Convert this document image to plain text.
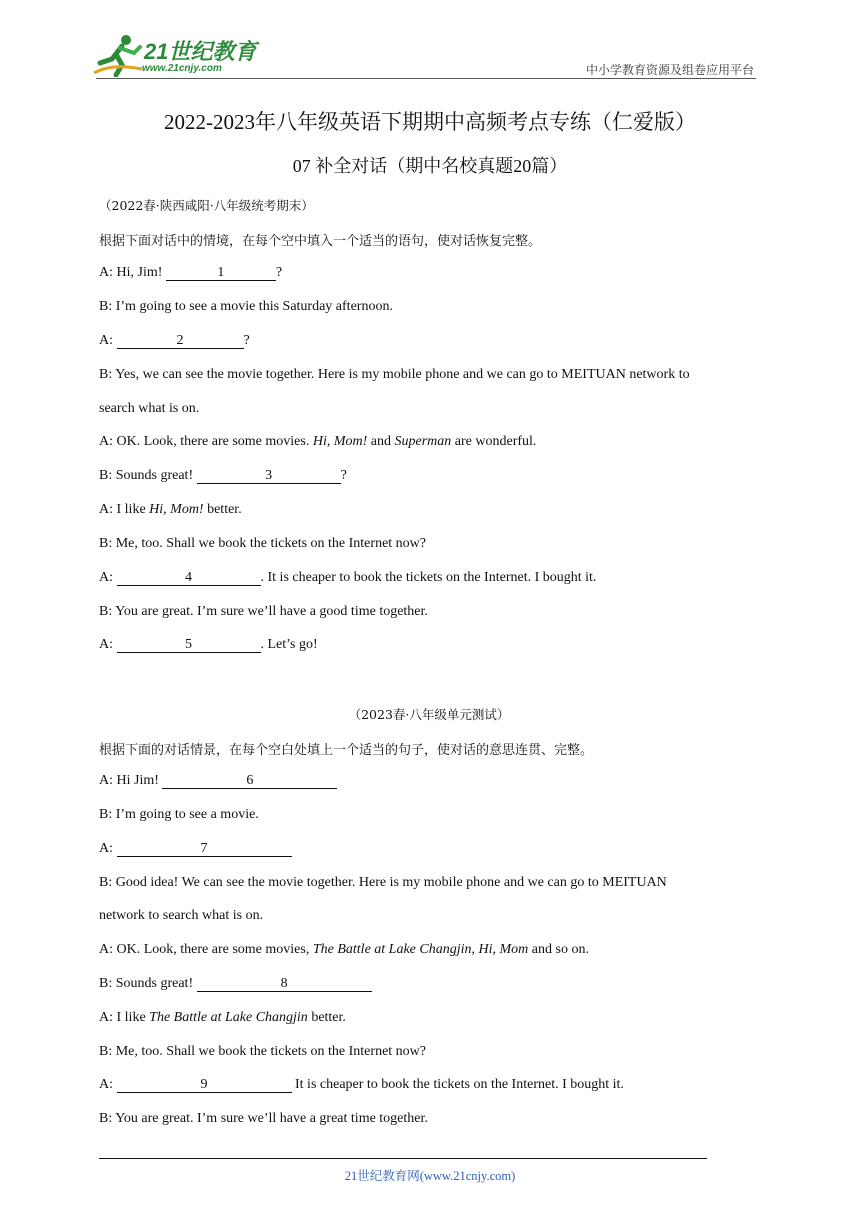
21世纪教育
www.21cnjy.com	中小学教育资源及组卷应用平台
2022-2023年八年级英语下期期中高频考点专练（仁爱版）
07 补全对话（期中名校真题20篇）
（2022春·陕西咸阳·八年级统考期末）
根据下面对话中的情境，在每个空中填入一个适当的语句，使对话恢复完整。
A: Hi, Jim!	1	?
B: I’m going to see a movie this Saturday afternoon.
A:	2	?
B: Yes, we can see the movie together. Here is my mobile phone and we can go to MEITUAN network to
search what is on.
A: OK. Look, there are some movies. Hi, Mom! and Superman are wonderful.
B: Sounds great!	3	?
A: I like Hi, Mom! better.
B: Me, too. Shall we book the tickets on the Internet now?
A:	4	. It is cheaper to book the tickets on the Internet. I bought it.
B: You are great. I’m sure we’ll have a good time together.
A:	5	. Let’s go!
（2023春·八年级单元测试）
根据下面的对话情景，在每个空白处填上一个适当的句子，使对话的意思连贯、完整。
A: Hi Jim!	6
B: I’m going to see a movie.
A:	7
B: Good idea! We can see the movie together. Here is my mobile phone and we can go to MEITUAN
network to search what is on.
A: OK. Look, there are some movies, The Battle at Lake Changjin, Hi, Mom and so on.
B: Sounds great!	8
A: I like The Battle at Lake Changjin better.
B: Me, too. Shall we book the tickets on the Internet now?
A:	9	It is cheaper to book the tickets on the Internet. I bought it.
B: You are great. I’m sure we’ll have a great time together.
21世纪教育网(www.21cnjy.com)
